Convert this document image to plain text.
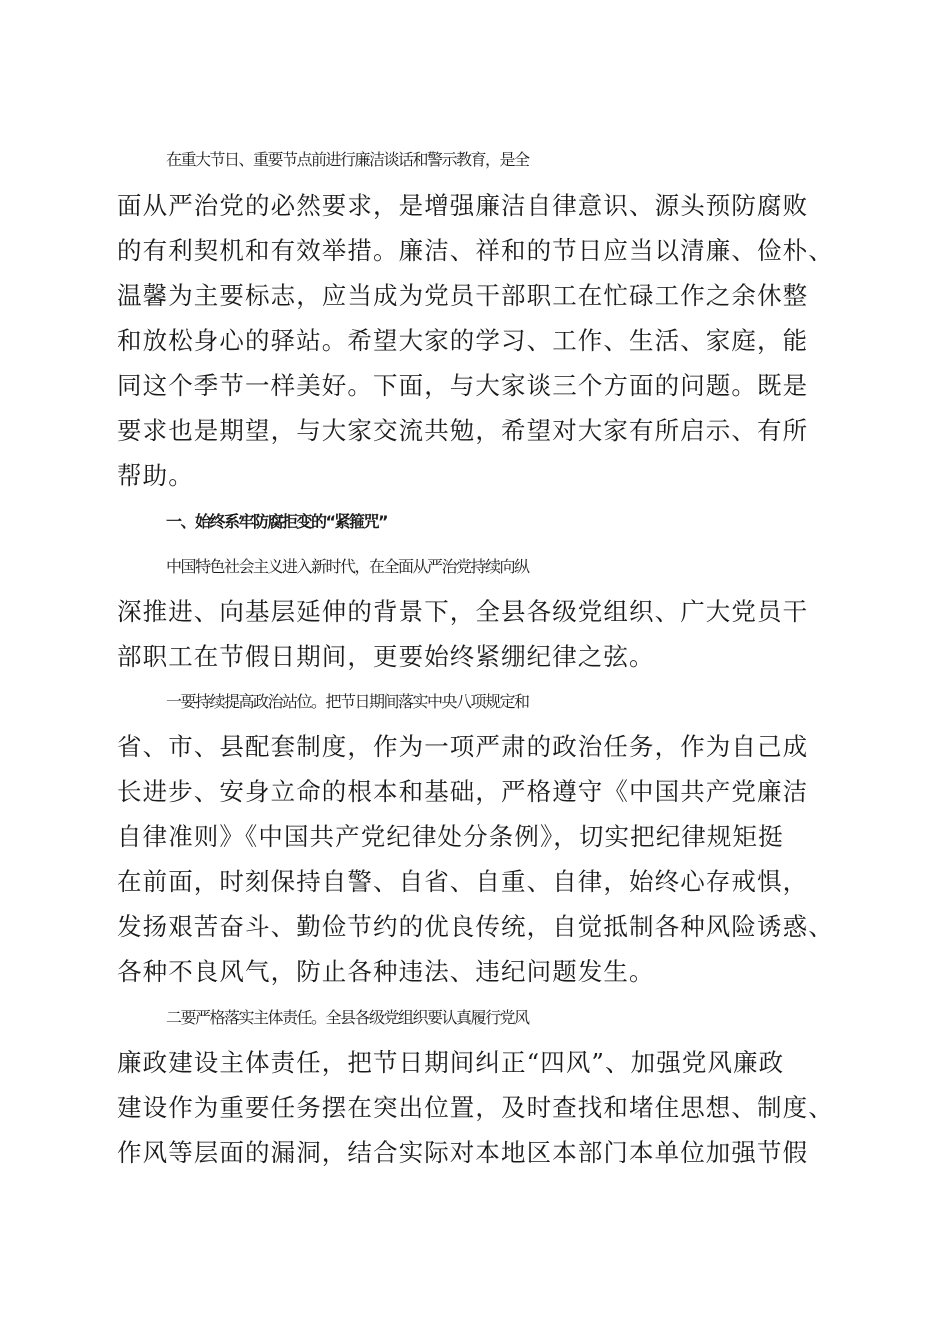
在重大节日、重要节点前进行廉洁谈话和警示教育，是全

面从严治党的必然要求，是增强廉洁自律意识、源头预防腐败

的有利契机和有效举措。廉洁、祥和的节日应当以清廉、俭朴、

温馨为主要标志，应当成为党员干部职工在忙碌工作之余休整

和放松身心的驿站。希望大家的学习、工作、生活、家庭，能

同这个季节一样美好。下面，与大家谈三个方面的问题。既是

要求也是期望，与大家交流共勉，希望对大家有所启示、有所

帮助。

一、始终系牢防腐拒变的“紧箍咒”

中国特色社会主义进入新时代，在全面从严治党持续向纵

深推进、向基层延伸的背景下，全县各级党组织、广大党员干

部职工在节假日期间，更要始终紧绷纪律之弦。

一要持续提高政治站位。把节日期间落实中央八项规定和

省、市、县配套制度，作为一项严肃的政治任务，作为自己成

长进步、安身立命的根本和基础，严格遵守《中国共产党廉洁

自律准则》《中国共产党纪律处分条例》，切实把纪律规矩挺

在前面，时刻保持自警、自省、自重、自律，始终心存戒惧，

发扬艰苦奋斗、勤俭节约的优良传统，自觉抵制各种风险诱惑、

各种不良风气，防止各种违法、违纪问题发生。

二要严格落实主体责任。全县各级党组织要认真履行党风

廉政建设主体责任，把节日期间纠正“四风”、加强党风廉政

建设作为重要任务摆在突出位置，及时查找和堵住思想、制度、

作风等层面的漏洞，结合实际对本地区本部门本单位加强节假
